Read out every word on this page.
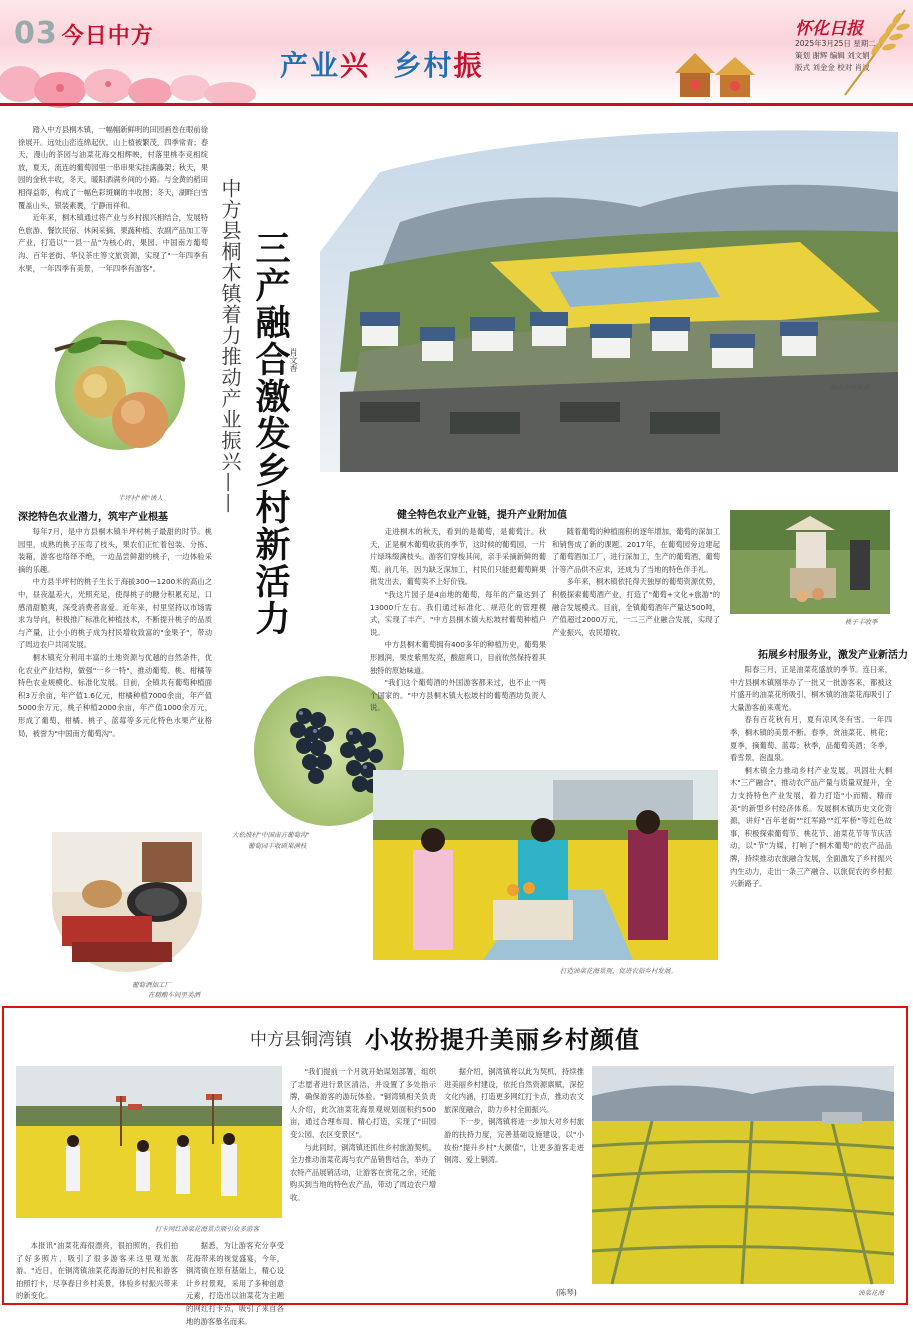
03 今日中方
产业兴 乡村振
怀化日报
2025年3月25日 星期二
策划 谢辉 编辑 刘文娟
版式 刘金金 校对 肖波

踏入中方县桐木镇，一幅幅新鲜明的田园画卷在眼前徐徐展开。远处山峦连绵起伏，山上植被繁茂，四季常青；春天，漫山的茶园与油菜花海交相辉映，村落里桃李竞相绽放，夏天，流连的葡萄园里一串串果实挂满藤架；秋天，果园的金秋丰收，冬天，暖阳洒满乡间的小路。与金黄的稻田相得益彰，构成了一幅色彩斑斓的丰收图；冬天，湖畔白雪覆盖山头，银装素裹，宁静而祥和。

近年来，桐木镇通过将产业与乡村振兴相结合，发展特色旅游、餐饮民宿、休闲采摘、果蔬种植、农副产品加工等产业，打造以"一县一品"为核心的，果园、中国南方葡萄沟、百年老街、华仪茶庄等文旅资源，实现了"一年四季有水果，一年四季有美景，一年四季有游客"。

半坪村"桃"诱人	中方县桐木镇着力推动产业振兴—— 三产融合激发乡村新活力
肖文香
桐木乡村美景
深挖特色农业潜力，筑牢产业根基

每年7月，是中方县桐木镇半坪村桃子最甜的时节。桃园里，成熟的桃子压弯了枝头，果农们正忙着包装、分拣、装箱，游客也络绎不绝，一边品尝鲜甜的桃子，一边体验采摘的乐趣。

中方县半坪村的桃子生长于海拔300—1200米的高山之中，昼夜温差大，光照充足，使得桃子的糖分积累充足，口感清甜脆爽，深受消费者喜爱。近年来，村里坚持以市场需求为导向，积极推广标准化种植技术，不断提升桃子的品质与产量，让小小的桃子成为村民增收致富的"金果子"，带动了周边农户共同发展。

桐木镇充分利用丰富的土地资源与优越的自然条件，优化农业产业结构，做强"一乡一特"，推动葡萄、桃、柑橘等特色农业规模化、标准化发展。目前，全镇共有葡萄种植面积3万余亩，年产值1.6亿元，柑橘种植7000余亩，年产值5000余万元，桃子种植2000余亩，年产值1000余万元，形成了葡萄、柑橘、桃子、蓝莓等多元化特色水果产业格局，被誉为"中国南方葡萄沟"。

大松坡村"中国南方葡萄沟"
葡萄园丰收硕果满枝
葡萄酒加工厂
在精酿车间里美酒
健全特色农业产业链，提升产业附加值

走进桐木的秋天，看到的是葡萄，是葡萄汁。秋天，正是桐木葡萄收获的季节，这时候的葡萄园，一片片绿珠缀满枝头。游客们穿梭其间，亲手采摘新鲜的葡萄。前几年，因为缺乏深加工，村民们只能把葡萄鲜果批发出去，葡萄卖不上好价钱。

"我这片园子是4亩地的葡萄，每年的产量达到了13000斤左右。我们通过标准化、规范化的管理模式，实现了丰产。"中方县桐木镇大松坡村葡萄种植户说。

中方县桐木葡萄拥有400多年的种植历史，葡萄果形圆润，果皮紫黑发亮，酸甜爽口，目前依然保持着其独特的原始味道。

"我们这个葡萄酒的外国游客都来过，也不止一两个国家的。"中方县桐木镇大松坡村的葡萄酒坊负责人说。

随着葡萄的种植面积的逐年增加，葡萄的深加工和销售成了新的课题。2017年，在葡萄园旁边建起了葡萄酒加工厂，进行深加工，生产的葡萄酒、葡萄汁等产品供不应求，还成为了当地的特色伴手礼。

多年来，桐木镇依托得天独厚的葡萄资源优势，积极探索葡萄酒产业，打造了"葡萄+文化+旅游"的融合发展模式。目前，全镇葡萄酒年产量达500吨，产值超过2000万元，一二三产业融合发展，实现了产业振兴，农民增收。

桃子丰收季
拓展乡村服务业，激发产业新活力

阳春三月，正是油菜花盛放的季节。连日来，中方县桐木镇刚举办了一批又一批游客来，都被这片盛开的油菜花所吸引，桐木镇的油菜花海吸引了大量游客前来观光。

春有百花秋有月，夏有凉风冬有雪。一年四季，桐木镇的美景不断。春季，赏油菜花、桃花；夏季，摘葡萄、蓝莓；秋季，品葡萄美酒；冬季，看雪景，泡温泉。

桐木镇全力推动乡村产业发展，巩固壮大桐木"三产融合"，推动农产品产量与质量双提升，全力支持特色产业发展，着力打造"小而精、精而美"的新型乡村经济体系。发展桐木镇历史文化资源，讲好"百年老街""红军路""红军桥"等红色故事，积极探索葡萄节、桃花节、油菜花节等节庆活动，以"节"为媒，打响了"桐木葡萄"的农产品品牌，持续推动农旅融合发展，全面激发了乡村振兴内生动力，走出一条三产融合、以旅促农的乡村振兴新路子。

打造油菜花海景观，促进农旅乡村发展。
中方县铜湾镇 小妆扮提升美丽乡村颜值
打卡网红油菜花海景点吸引众多游客

本报讯"油菜花海很漂亮，很拍照的，我们拍了好多照片，吸引了很多游客来这里观光旅游。"近日，在铜湾镇油菜花海游玩的村民和游客拍照打卡，尽享春日乡村美景，体验乡村振兴带来的新变化。

据悉，为让游客充分享受花海带来的视觉盛宴，今年，铜湾镇在原有基础上，精心设计乡村景观，采用了多种创意元素，打造出以油菜花为主题的网红打卡点，吸引了来自各地的游客慕名而来。

"我们提前一个月就开始谋划部署，组织了志愿者进行景区清洁，并设置了多处指示牌，确保游客的游玩体验。"铜湾镇相关负责人介绍，此次油菜花海景观规划面积约500亩，通过合理布局、精心打造，实现了"田园变公园、农区变景区"。

与此同时，铜湾镇还抓住乡村旅游契机，全力推动油菜花海与农产品销售结合，举办了农特产品展销活动，让游客在赏花之余，还能购买到当地的特色农产品，带动了周边农户增收。

据介绍，铜湾镇将以此为契机，持续推进美丽乡村建设，依托自然资源禀赋，深挖文化内涵，打造更多网红打卡点，推动农文旅深度融合，助力乡村全面振兴。

下一步，铜湾镇将进一步加大对乡村旅游的扶持力度，完善基础设施建设，以"小妆扮"提升乡村"大颜值"，让更多游客走进铜湾、爱上铜湾。

(陈琴)	油菜花海
